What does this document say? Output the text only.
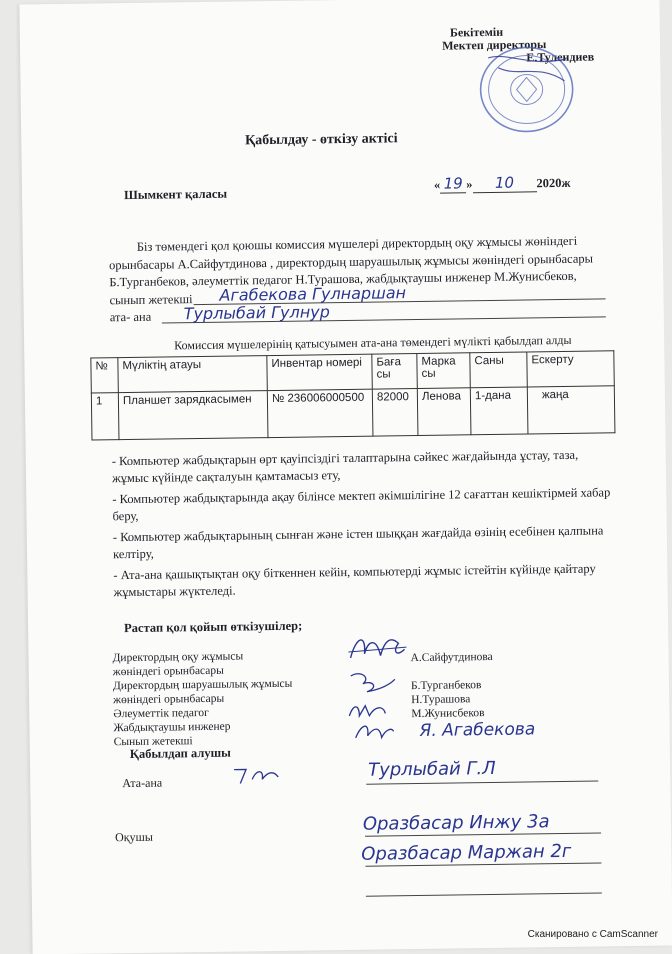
Бекітемін
Мектеп директоры
Е.Тулендиев
Қабылдау - өткізу актісі
Шымкент қаласы
« 19 » 10 2020ж
Біз төмендегі қол қоюшы комиссия мүшелері директордың оқу жұмысы жөніндегі
орынбасары А.Сайфутдинова , директордың шаруашылық жұмысы жөніндегі орынбасары
Б.Турганбеков, әлеуметтік педагог Н.Турашова, жабдықтаушы инженер М.Жунисбеков,
сынып жетекші
ата- ана
Агабекова Гулнаршан
Турлыбай Гулнур
Комиссия мүшелерінің қатысуымен ата-ана төмендегі мүлікті қабылдап алды
№	Мүліктің атауы	Инвентар номері	Баға сы	Марка сы	Саны	Ескерту
1	Планшет зарядкасымен	№ 236006000500	82000	Ленова	1-дана	жаңа

- Компьютер жабдықтарын өрт қауіпсіздігі талаптарына сәйкес жағдайында ұстау, таза, жұмыс күйінде сақталуын қамтамасыз ету,

- Компьютер жабдықтарында ақау білінсе мектеп әкімшілігіне 12 сағаттан кешіктірмей хабар беру,

- Компьютер жабдықтарының сынған және істен шыққан жағдайда өзінің есебінен қалпына келтіру,

- Ата-ана қашықтықтан оқу біткеннен кейін, компьютерді жұмыс істейтін күйінде қайтару жұмыстары жүктеледі.

Растап қол қойып өткізушілер;
Директордың оқу жұмысы
жөніндегі орынбасары
Директордың шаруашылық жұмысы
жөніндегі орынбасары
Әлеуметтік педагог
Жабдықтаушы инженер
Сынып жетекші
А.Сайфутдинова
Б.Турганбеков
Н.Турашова
М.Жунисбеков
Я. Агабекова
Қабылдап алушы
Ата-ана
Турлыбай Г.Л
Оқушы
Оразбасар Инжу 3а
Оразбасар Маржан 2г
Сканировано с CamScanner
